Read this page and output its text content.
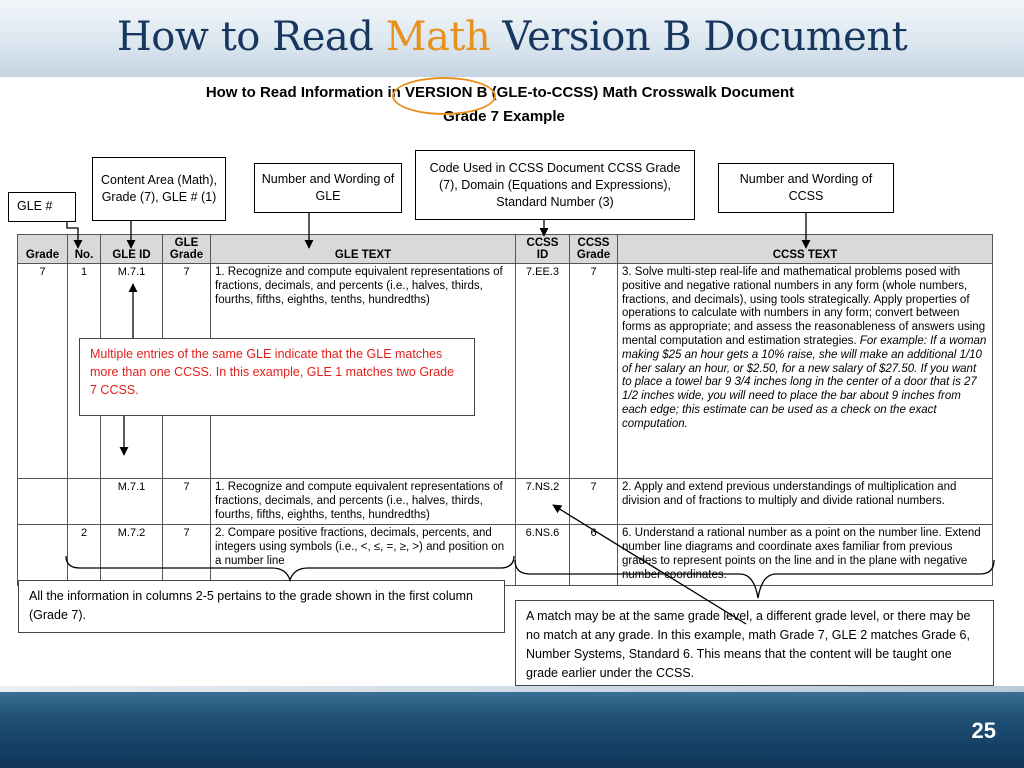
How to Read Math Version B Document
How to Read Information in VERSION B (GLE-to-CCSS) Math Crosswalk Document
Grade 7 Example
GLE #
Content Area (Math), Grade (7), GLE # (1)
Number and Wording of GLE
Code Used in CCSS Document CCSS Grade (7), Domain (Equations and Expressions), Standard Number (3)
Number and Wording of CCSS
Grade	No.	GLE ID	GLE Grade	GLE TEXT	CCSS ID	CCSS Grade	CCSS TEXT
7	1	M.7.1	7	1. Recognize and compute equivalent representations of fractions, decimals, and percents (i.e., halves, thirds, fourths, fifths, eighths, tenths, hundredths)	7.EE.3	7	3. Solve multi-step real-life and mathematical problems posed with positive and negative rational numbers in any form (whole numbers, fractions, and decimals), using tools strategically. Apply properties of operations to calculate with numbers in any form; convert between forms as appropriate; and assess the reasonableness of answers using mental computation and estimation strategies. For example: If a woman making $25 an hour gets a 10% raise, she will make an additional 1/10 of her salary an hour, or $2.50, for a new salary of $27.50. If you want to place a towel bar 9 3/4 inches long in the center of a door that is 27 1/2 inches wide, you will need to place the bar about 9 inches from each edge; this estimate can be used as a check on the exact computation.
		M.7.1	7	1. Recognize and compute equivalent representations of fractions, decimals, and percents (i.e., halves, thirds, fourths, fifths, eighths, tenths, hundredths)	7.NS.2	7	2. Apply and extend previous understandings of multiplication and division and of fractions to multiply and divide rational numbers.
	2	M.7.2	7	2. Compare positive fractions, decimals, percents, and integers using symbols (i.e., <, ≤, =, ≥, >) and position on a number line	6.NS.6	6	6. Understand a rational number as a point on the number line. Extend number line diagrams and coordinate axes familiar from previous grades to represent points on the line and in the plane with negative number coordinates.
Multiple entries of the same GLE indicate that the GLE matches more than one CCSS. In this example, GLE 1 matches two Grade 7 CCSS.
All the information in columns 2-5 pertains to the grade shown in the first column (Grade 7).	A match may be at the same grade level, a different grade level, or there may be no match at any grade. In this example, math Grade 7, GLE 2 matches Grade 6, Number Systems, Standard 6. This means that the content will be taught one grade earlier under the CCSS.
25
